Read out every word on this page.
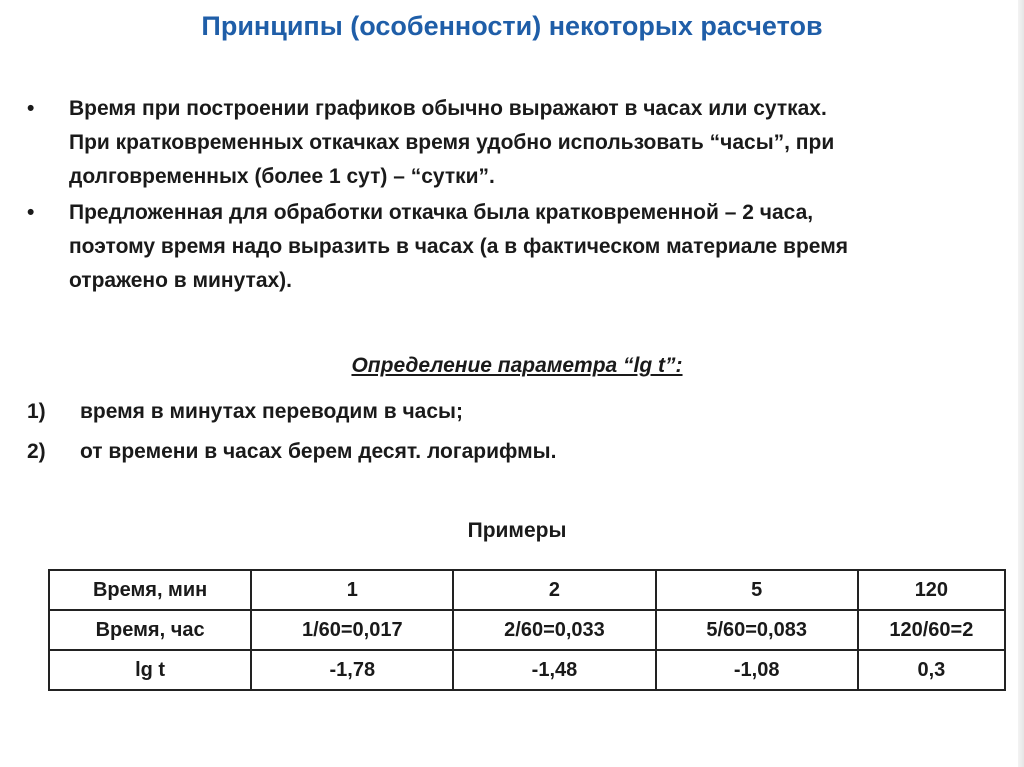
Принципы (особенности) некоторых расчетов
•	Время при построении графиков обычно выражают в часах или сутках.
При кратковременных откачках время удобно использовать “часы”, при
долговременных (более 1 сут) – “сутки”.
•	Предложенная для обработки откачка была кратковременной – 2 часа,
поэтому время надо выразить в часах (а в фактическом материале время
отражено в минутах).
Определение параметра “lg t”:
1) время в минутах переводим в часы;
2) от времени в часах берем десят. логарифмы.
Примеры
Время, мин	1	2	5	120
Время, час	1/60=0,017	2/60=0,033	5/60=0,083	120/60=2
lg t	-1,78	-1,48	-1,08	0,3
